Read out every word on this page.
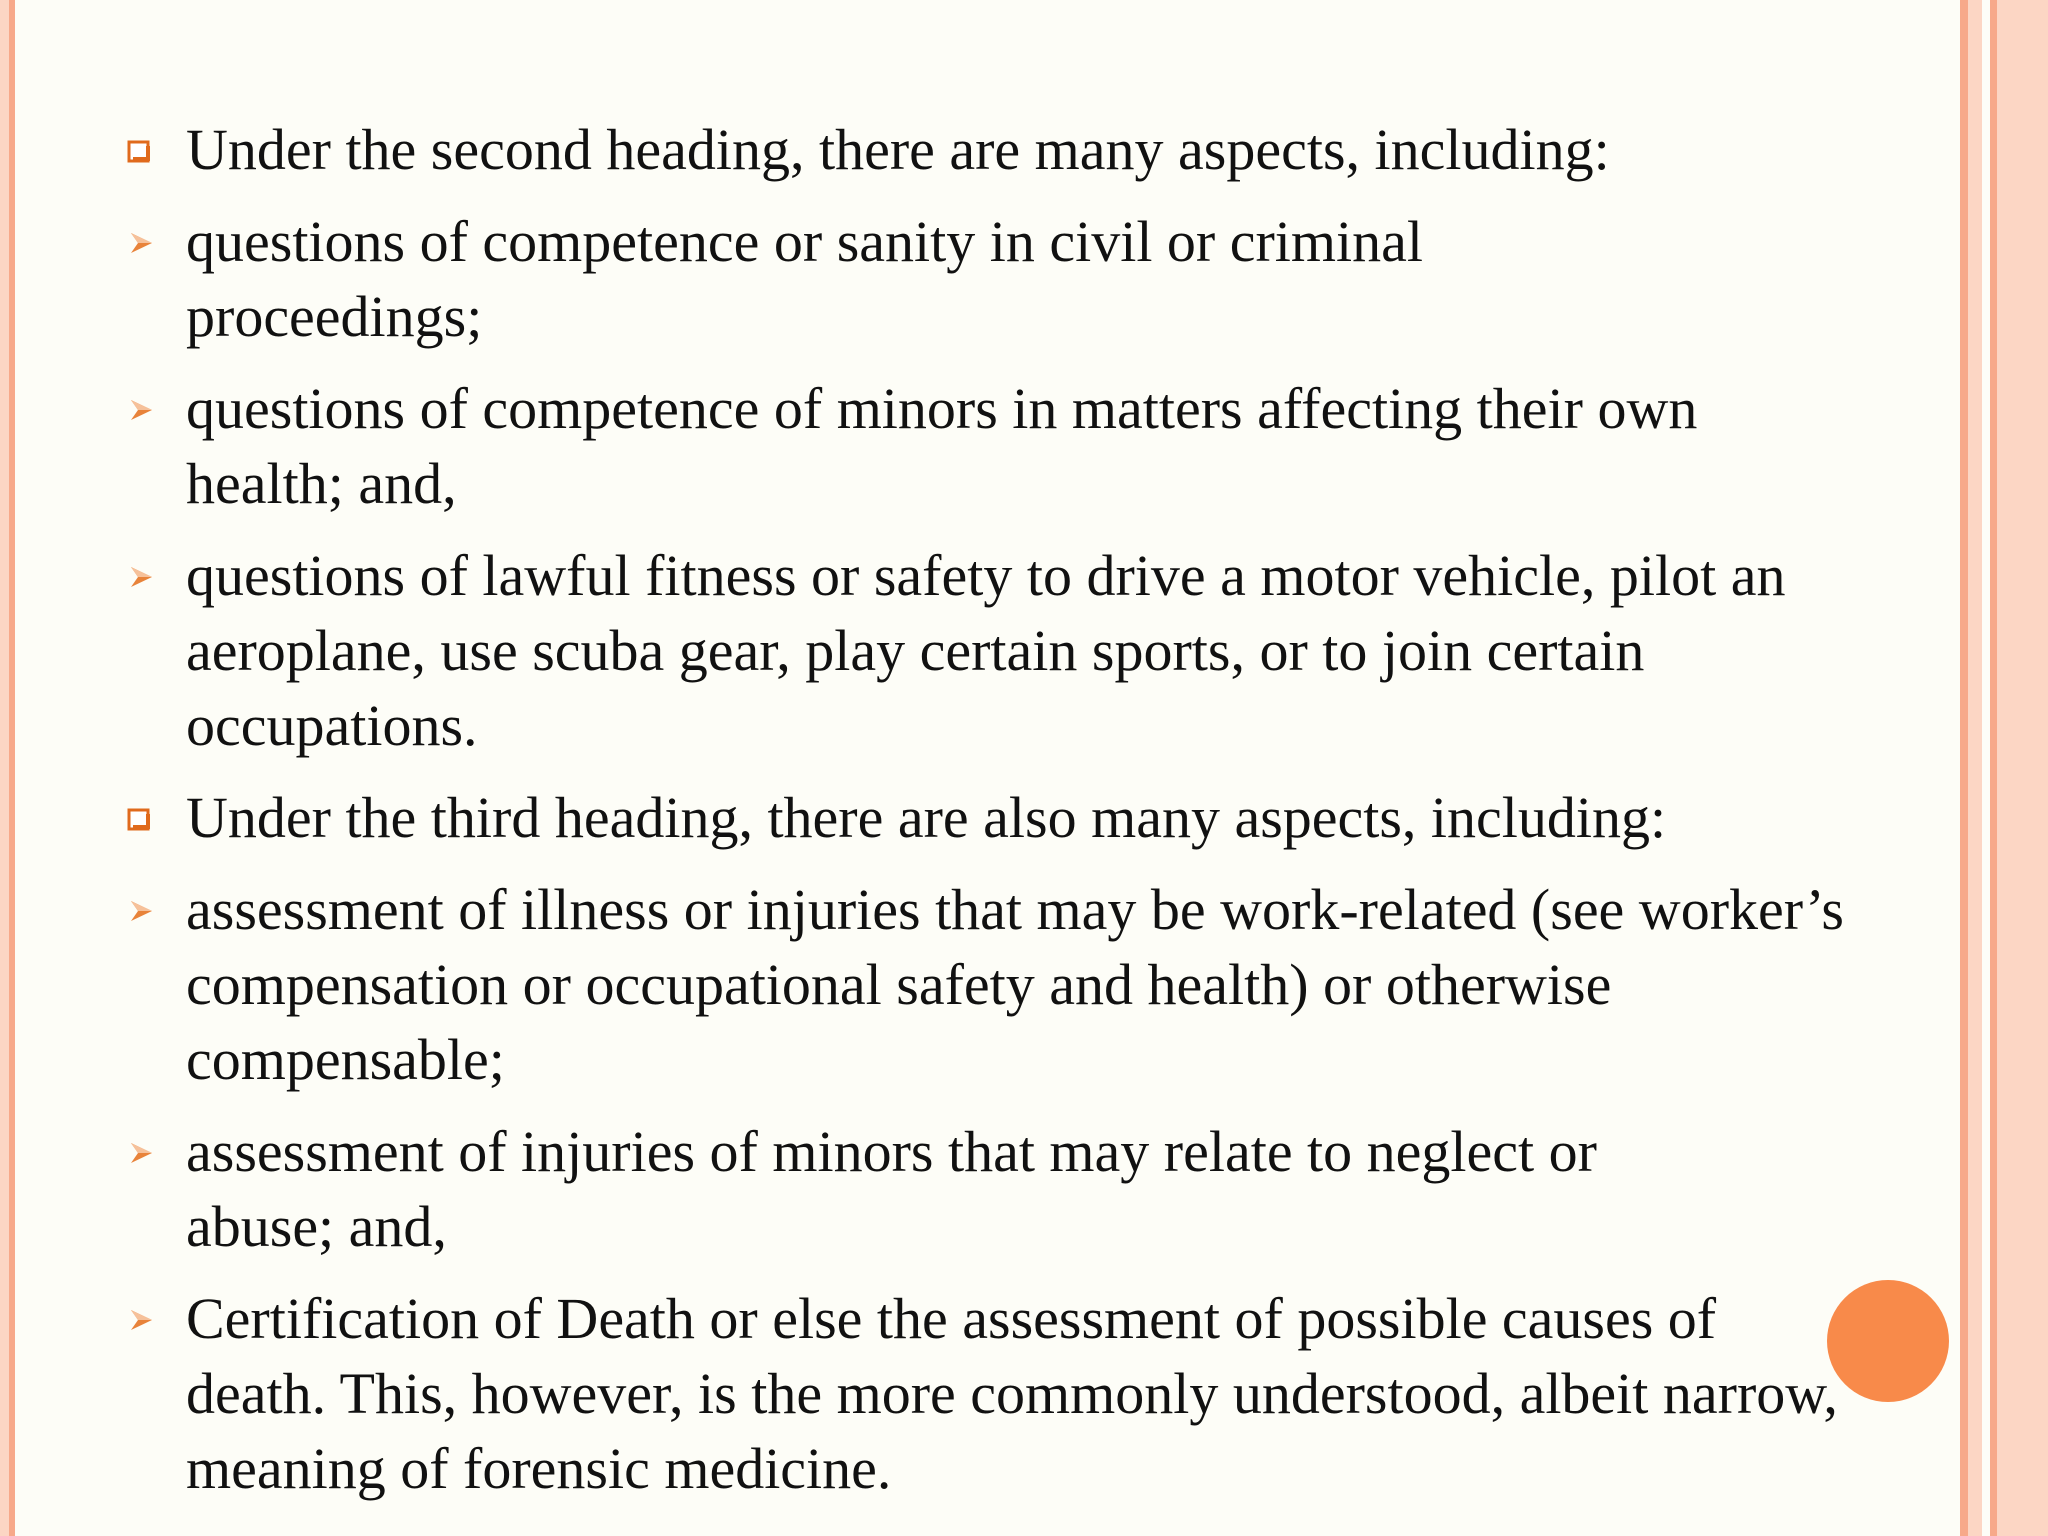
Under the second heading, there are many aspects, including:
questions of competence or sanity in civil or criminal proceedings;
questions of competence of minors in matters affecting their own health; and,
questions of lawful fitness or safety to drive a motor vehicle, pilot an aeroplane, use scuba gear, play certain sports, or to join certain occupations.
Under the third heading, there are also many aspects, including:
assessment of illness or injuries that may be work-related (see worker’s compensation or occupational safety and health) or otherwise compensable;
assessment of injuries of minors that may relate to neglect or abuse; and,
Certification of Death or else the assessment of possible causes of death. This, however, is the more commonly understood, albeit narrow, meaning of forensic medicine.
